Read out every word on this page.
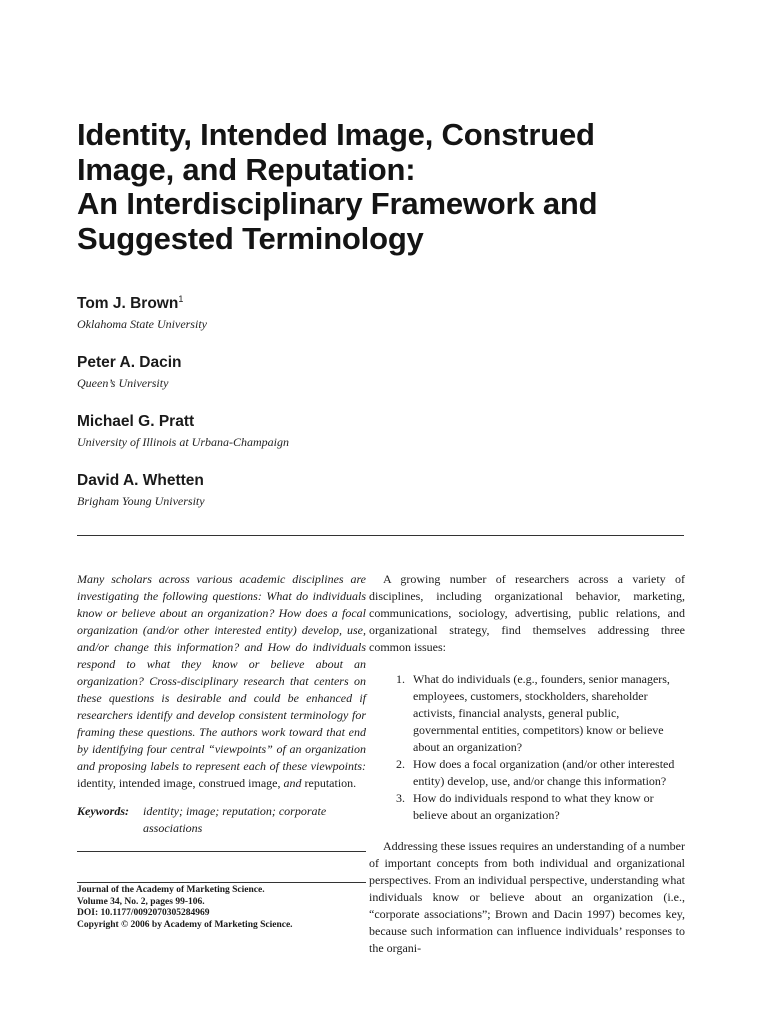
Identity, Intended Image, Construed
Image, and Reputation:
An Interdisciplinary Framework and
Suggested Terminology
Tom J. Brown$^1$
Oklahoma State University
Peter A. Dacin
Queen’s University
Michael G. Pratt
University of Illinois at Urbana-Champaign
David A. Whetten
Brigham Young University
Many scholars across various academic disciplines are investigating the following questions: What do individuals know or believe about an organization? How does a focal organization (and/or other interested entity) develop, use, and/or change this information? and How do individuals respond to what they know or believe about an organization? Cross-disciplinary research that centers on these questions is desirable and could be enhanced if researchers identify and develop consistent terminology for framing these questions. The authors work toward that end by identifying four central “viewpoints” of an organization and proposing labels to represent each of these viewpoints: identity, intended image, construed image, and reputation.
Keywords:	identity; image; reputation; corporate associations
Journal of the Academy of Marketing Science.
Volume 34, No. 2, pages 99-106.
DOI: 10.1177/0092070305284969
Copyright © 2006 by Academy of Marketing Science.

A growing number of researchers across a variety of disciplines, including organizational behavior, marketing, communications, sociology, advertising, public relations, and organizational strategy, find themselves addressing three common issues:

1. What do individuals (e.g., founders, senior managers, employees, customers, stockholders, shareholder activists, financial analysts, general public, governmental entities, competitors) know or believe about an organization?
2. How does a focal organization (and/or other interested entity) develop, use, and/or change this information?
3. How do individuals respond to what they know or believe about an organization?

Addressing these issues requires an understanding of a number of important concepts from both individual and organizational perspectives. From an individual perspective, understanding what individuals know or believe about an organization (i.e., “corporate associations”; Brown and Dacin 1997) becomes key, because such information can influence individuals’ responses to the organi-
